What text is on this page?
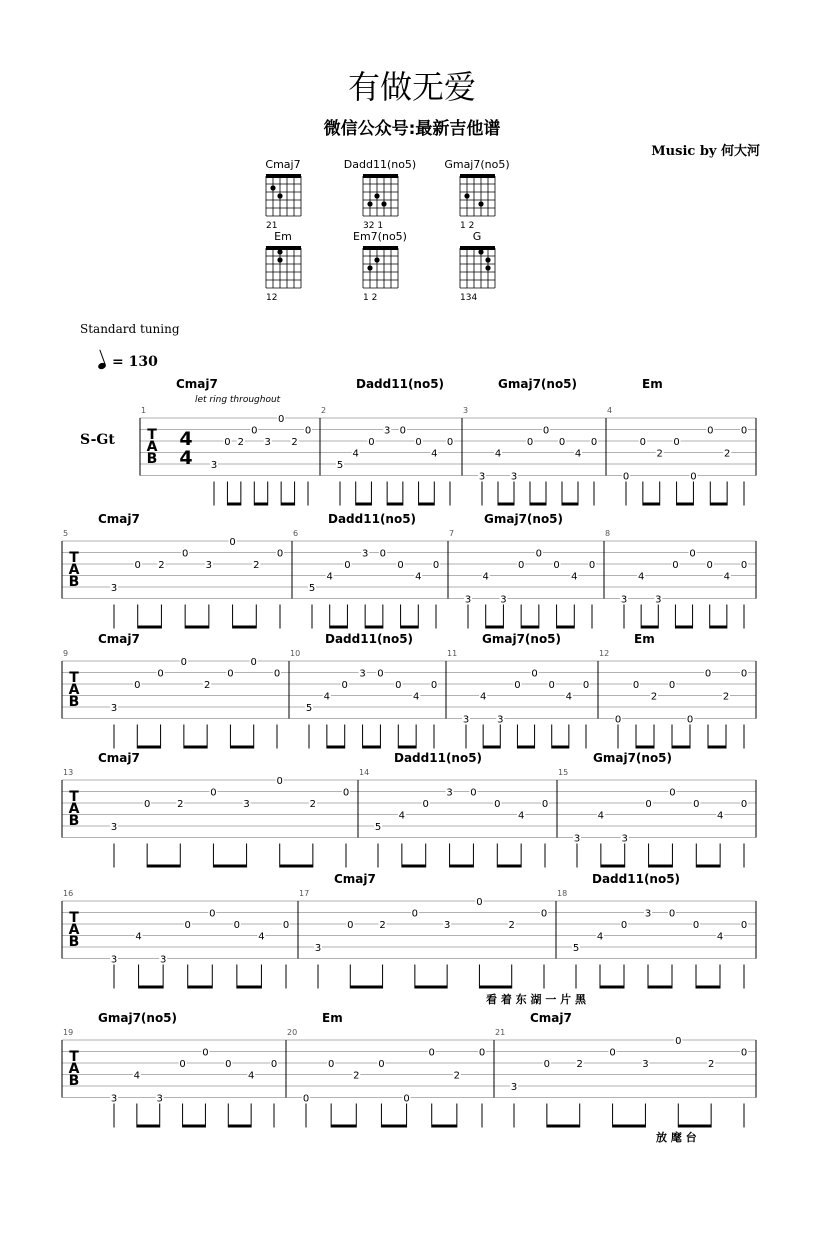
有做无爱
微信公众号:最新吉他谱
Music by 何大河
Standard tuning
= 130
S-Gt
Cmaj7
21
Dadd11(no5)
32 1
Gmaj7(no5)
1 2
Em
12
Em7(no5)
1 2
G
134
T
A
B
4
4
let ring throughout
1
Cmaj7
3
0 2
0
3
0
2
0
2
Dadd11(no5)
5
4
0
3 0
0
4
0
3
Gmaj7(no5)
3
4
3
0
0
0
4
0
4
Em
0
0
2
0
0
0
2
0
T
A
B
5
Cmaj7
3
0 2
0
3
0
2
0
6
Dadd11(no5)
5
4
0
3 0
0
4
0
7
Gmaj7(no5)
3
4
3
0
0
0
4
0
8
3
4
3
0
0
0
4
0
T
A
B
9
Cmaj7
3
0
0
0
2
0
0
0
10
Dadd11(no5)
5
4
0
3 0
0
4
0
11
Gmaj7(no5)
3
4
3
0
0
0
4
0
12
Em
0
0
2
0
0
0
2
0
T
A
B
13
Cmaj7
3
0	2
0
3
0
2
0
14
Dadd11(no5)
5
4
0
3 0
0
4
0
15
Gmaj7(no5)
3
4
3
0
0
0
4
0
T
A
B
16
3
4
3
0
0
0
4
0
17
Cmaj7
3
0	2
0
3
0
2
0
18
Dadd11(no5)
5
4
0
3 0
0
4
0
T
A
B
19
Gmaj7(no5)
3
4
3
0
0
0
4
0
20
Em
0
0
2
0
0
0
2
0
21
Cmaj7
3
0	2
0
3
0
2
0
看 着 东 湖 一 片 黑
放 麾 台
